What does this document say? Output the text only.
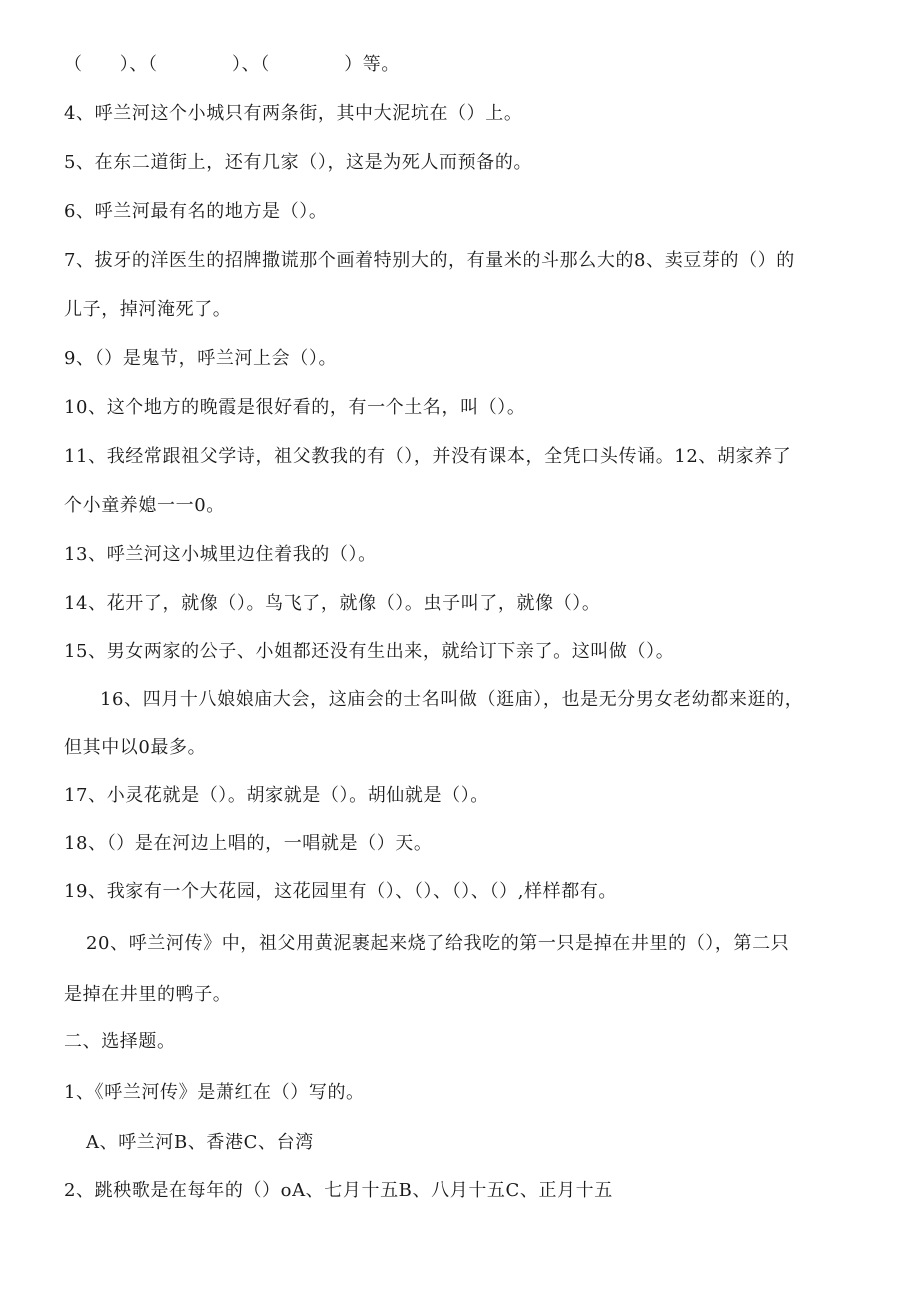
（　　）、（　　　　）、（　　　　）等。
4、呼兰河这个小城只有两条街，其中大泥坑在（）上。
5、在东二道街上，还有几家（），这是为死人而预备的。
6、呼兰河最有名的地方是（）。
7、拔牙的洋医生的招牌撒谎那个画着特别大的，有量米的斗那么大的8、卖豆芽的（）的
儿子，掉河淹死了。
9、（）是鬼节，呼兰河上会（）。
10、这个地方的晚霞是很好看的，有一个土名，叫（）。
11、我经常跟祖父学诗，祖父教我的有（），并没有课本，全凭口头传诵。12、胡家养了
个小童养媳一一0。
13、呼兰河这小城里边住着我的（）。
14、花开了，就像（）。鸟飞了，就像（）。虫子叫了，就像（）。
15、男女两家的公子、小姐都还没有生出来，就给订下亲了。这叫做（）。
16、四月十八娘娘庙大会，这庙会的士名叫做（逛庙），也是无分男女老幼都来逛的，
但其中以0最多。
17、小灵花就是（）。胡家就是（）。胡仙就是（）。
18、（）是在河边上唱的，一唱就是（）天。
19、我家有一个大花园，这花园里有（）、（）、（）、（）,样样都有。
20、呼兰河传》中，祖父用黄泥裹起来烧了给我吃的第一只是掉在井里的（），第二只
是掉在井里的鸭子。
二、选择题。
1、《呼兰河传》是萧红在（）写的。
A、呼兰河B、香港C、台湾
2、跳秧歌是在每年的（）oA、七月十五B、八月十五C、正月十五
